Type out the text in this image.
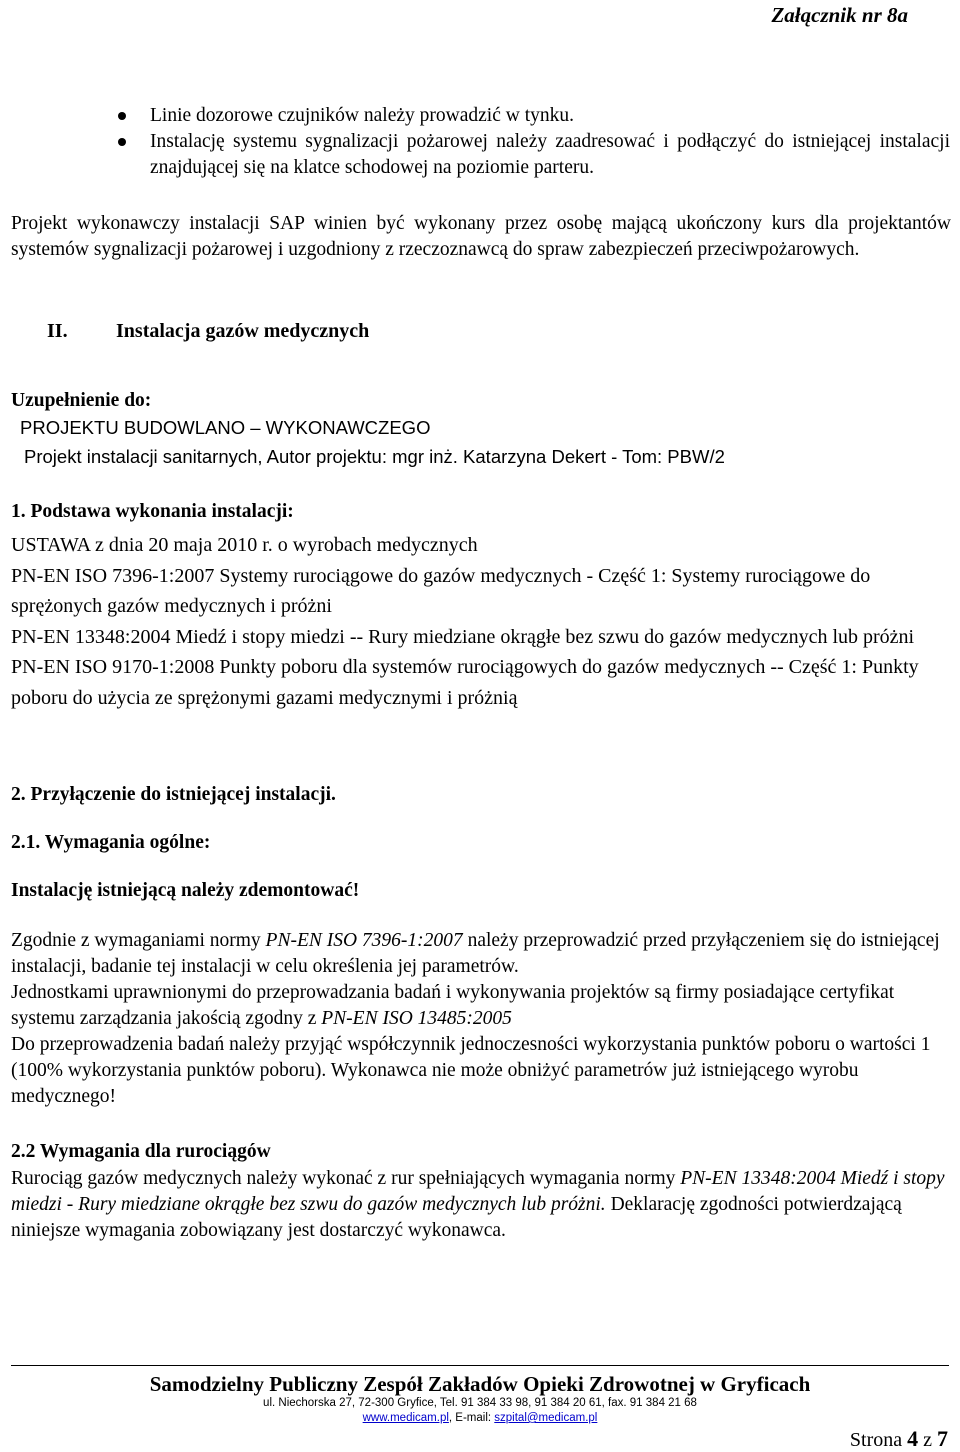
Załącznik nr 8a
Linie dozorowe czujników należy prowadzić w tynku.
Instalację systemu sygnalizacji pożarowej należy zaadresować i podłączyć do istniejącej instalacji znajdującej się na klatce schodowej na poziomie parteru.

Projekt wykonawczy instalacji SAP winien być wykonany przez osobę mającą ukończony kurs dla projektantów systemów sygnalizacji pożarowej i uzgodniony z rzeczoznawcą do spraw zabezpieczeń przeciwpożarowych.

II. Instalacja gazów medycznych
Uzupełnienie do:
PROJEKTU BUDOWLANO – WYKONAWCZEGO
Projekt instalacji sanitarnych, Autor projektu: mgr inż. Katarzyna Dekert - Tom: PBW/2
1. Podstawa wykonania instalacji:
USTAWA z dnia 20 maja 2010 r. o wyrobach medycznych
PN-EN ISO 7396-1:2007 Systemy rurociągowe do gazów medycznych - Część 1: Systemy rurociągowe do sprężonych gazów medycznych i próżni
PN-EN 13348:2004 Miedź i stopy miedzi -- Rury miedziane okrągłe bez szwu do gazów medycznych lub próżni
PN-EN ISO 9170-1:2008 Punkty poboru dla systemów rurociągowych do gazów medycznych -- Część 1: Punkty poboru do użycia ze sprężonymi gazami medycznymi i próżnią
2. Przyłączenie do istniejącej instalacji.
2.1. Wymagania ogólne:
Instalację istniejącą należy zdemontować!
Zgodnie z wymaganiami normy PN-EN ISO 7396-1:2007 należy przeprowadzić przed przyłączeniem się do istniejącej instalacji, badanie tej instalacji w celu określenia jej parametrów.
Jednostkami uprawnionymi do przeprowadzania badań i wykonywania projektów są firmy posiadające certyfikat systemu zarządzania jakością zgodny z PN-EN ISO 13485:2005
Do przeprowadzenia badań należy przyjąć współczynnik jednoczesności wykorzystania punktów poboru o wartości 1 (100% wykorzystania punktów poboru). Wykonawca nie może obniżyć parametrów już istniejącego wyrobu medycznego!
2.2 Wymagania dla rurociągów
Rurociąg gazów medycznych należy wykonać z rur spełniających wymagania normy PN-EN 13348:2004 Miedź i stopy miedzi - Rury miedziane okrągłe bez szwu do gazów medycznych lub próżni. Deklarację zgodności potwierdzającą niniejsze wymagania zobowiązany jest dostarczyć wykonawca.
Samodzielny Publiczny Zespół Zakładów Opieki Zdrowotnej w Gryficach
ul. Niechorska 27, 72-300 Gryfice, Tel. 91 384 33 98, 91 384 20 61, fax. 91 384 21 68
www.medicam.pl, E-mail: szpital@medicam.pl
Strona 4 z 7
